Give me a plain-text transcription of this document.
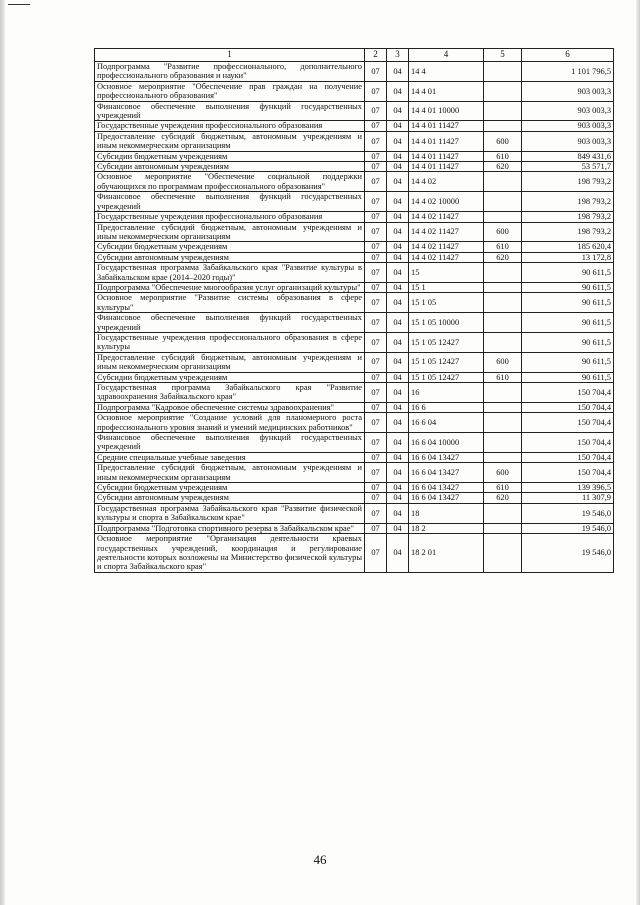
1	2	3	4	5	6
Подпрограмма "Развитие профессионального, дополнительного профессионального образования и науки"	07	04	14 4		1 101 796,5
Основное мероприятие "Обеспечение прав граждан на получение профессионального образования"	07	04	14 4 01		903 003,3
Финансовое обеспечение выполнения функций государственных учреждений	07	04	14 4 01 10000		903 003,3
Государственные учреждения профессионального образования	07	04	14 4 01 11427		903 003,3
Предоставление субсидий бюджетным, автономным учреждениям и иным некоммерческим организациям	07	04	14 4 01 11427	600	903 003,3
Субсидии бюджетным учреждениям	07	04	14 4 01 11427	610	849 431,6
Субсидии автономным учреждениям	07	04	14 4 01 11427	620	53 571,7
Основное мероприятие "Обеспечение социальной поддержки обучающихся по программам профессионального образования"	07	04	14 4 02		198 793,2
Финансовое обеспечение выполнения функций государственных учреждений	07	04	14 4 02 10000		198 793,2
Государственные учреждения профессионального образования	07	04	14 4 02 11427		198 793,2
Предоставление субсидий бюджетным, автономным учреждениям и иным некоммерческим организациям	07	04	14 4 02 11427	600	198 793,2
Субсидии бюджетным учреждениям	07	04	14 4 02 11427	610	185 620,4
Субсидии автономным учреждениям	07	04	14 4 02 11427	620	13 172,8
Государственная программа Забайкальского края "Развитие культуры в Забайкальском крае (2014–2020 годы)"	07	04	15		90 611,5
Подпрограмма "Обеспечение многообразия услуг организаций культуры"	07	04	15 1		90 611,5
Основное мероприятие "Развитие системы образования в сфере культуры"	07	04	15 1 05		90 611,5
Финансовое обеспечение выполнения функций государственных учреждений	07	04	15 1 05 10000		90 611,5
Государственные учреждения профессионального образования в сфере культуры	07	04	15 1 05 12427		90 611,5
Предоставление субсидий бюджетным, автономным учреждениям и иным некоммерческим организациям	07	04	15 1 05 12427	600	90 611,5
Субсидии бюджетным учреждениям	07	04	15 1 05 12427	610	90 611,5
Государственная программа Забайкальского края "Развитие здравоохранения Забайкальского края"	07	04	16		150 704,4
Подпрограмма "Кадровое обеспечение системы здравоохранения"	07	04	16 6		150 704,4
Основное мероприятие "Создание условий для планомерного роста профессионального уровня знаний и умений медицинских работников"	07	04	16 6 04		150 704,4
Финансовое обеспечение выполнения функций государственных учреждений	07	04	16 6 04 10000		150 704,4
Средние специальные учебные заведения	07	04	16 6 04 13427		150 704,4
Предоставление субсидий бюджетным, автономным учреждениям и иным некоммерческим организациям	07	04	16 6 04 13427	600	150 704,4
Субсидии бюджетным учреждениям	07	04	16 6 04 13427	610	139 396,5
Субсидии автономным учреждениям	07	04	16 6 04 13427	620	11 307,9
Государственная программа Забайкальского края "Развитие физической культуры и спорта в Забайкальском крае"	07	04	18		19 546,0
Подпрограмма "Подготовка спортивного резерва в Забайкальском крае"	07	04	18 2		19 546,0
Основное мероприятие "Организация деятельности краевых государственных учреждений, координация и регулирование деятельности которых возложены на Министерство физической культуры и спорта Забайкальского края"	07	04	18 2 01		19 546,0
46
